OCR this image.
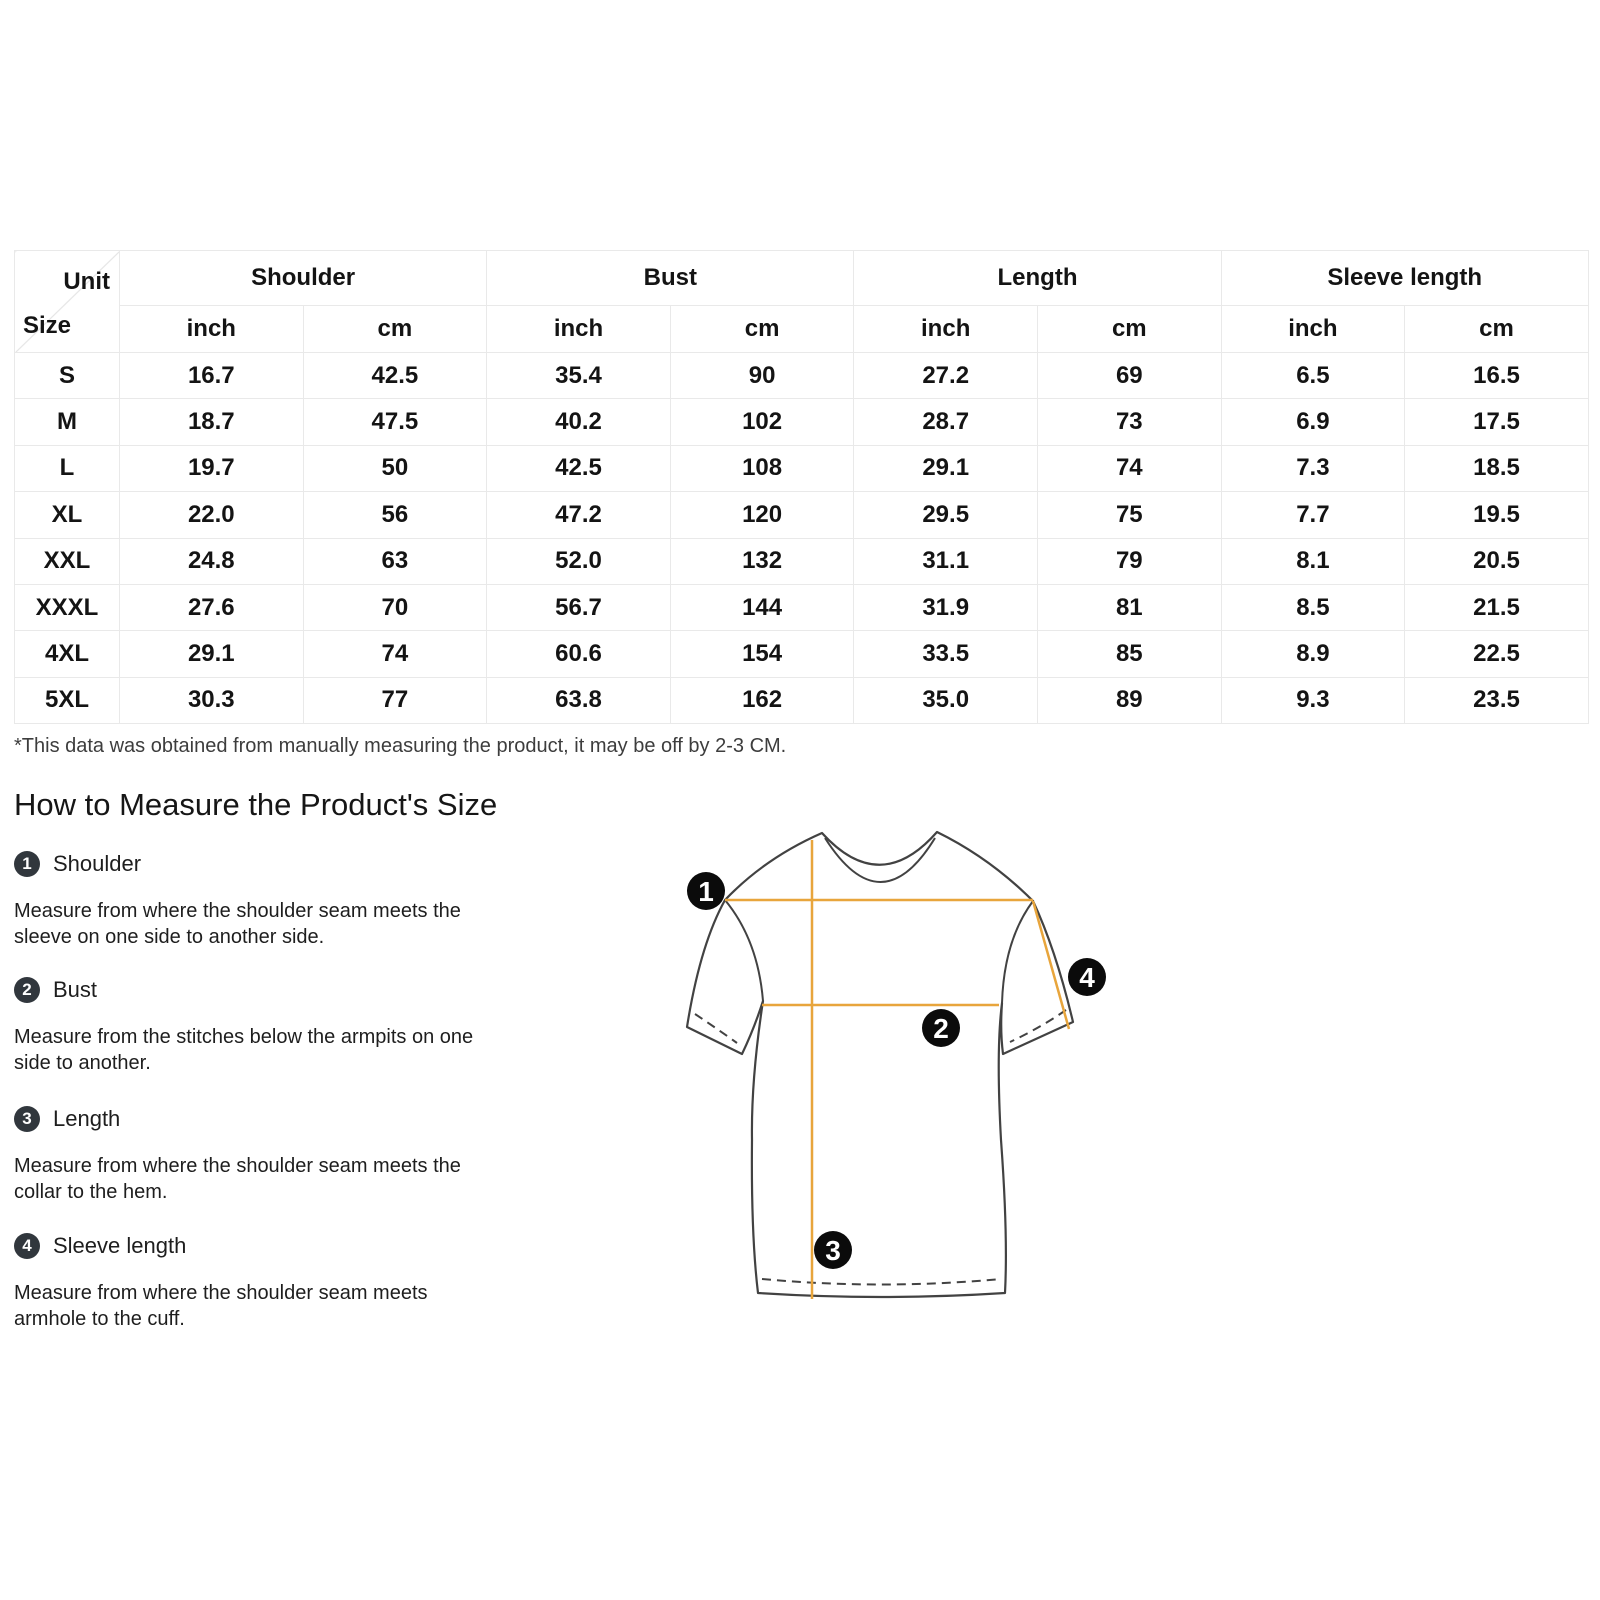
Unit
Size	Shoulder		Bust		Length		Sleeve length	
	inch	cm	inch	cm	inch	cm	inch	cm
S	16.7	42.5	35.4	90	27.2	69	6.5	16.5
M	18.7	47.5	40.2	102	28.7	73	6.9	17.5
L	19.7	50	42.5	108	29.1	74	7.3	18.5
XL	22.0	56	47.2	120	29.5	75	7.7	19.5
XXL	24.8	63	52.0	132	31.1	79	8.1	20.5
XXXL	27.6	70	56.7	144	31.9	81	8.5	21.5
4XL	29.1	74	60.6	154	33.5	85	8.9	22.5
5XL	30.3	77	63.8	162	35.0	89	9.3	23.5
*This data was obtained from manually measuring the product, it may be off by 2-3 CM.
How to Measure the Product's Size
1 Shoulder
Measure from where the shoulder seam meets the
sleeve on one side to another side.
2 Bust
Measure from the stitches below the armpits on one
side to another.
3 Length
Measure from where the shoulder seam meets the
collar to the hem.
4 Sleeve length
Measure from where the shoulder seam meets
armhole to the cuff.
1
2
3
4
